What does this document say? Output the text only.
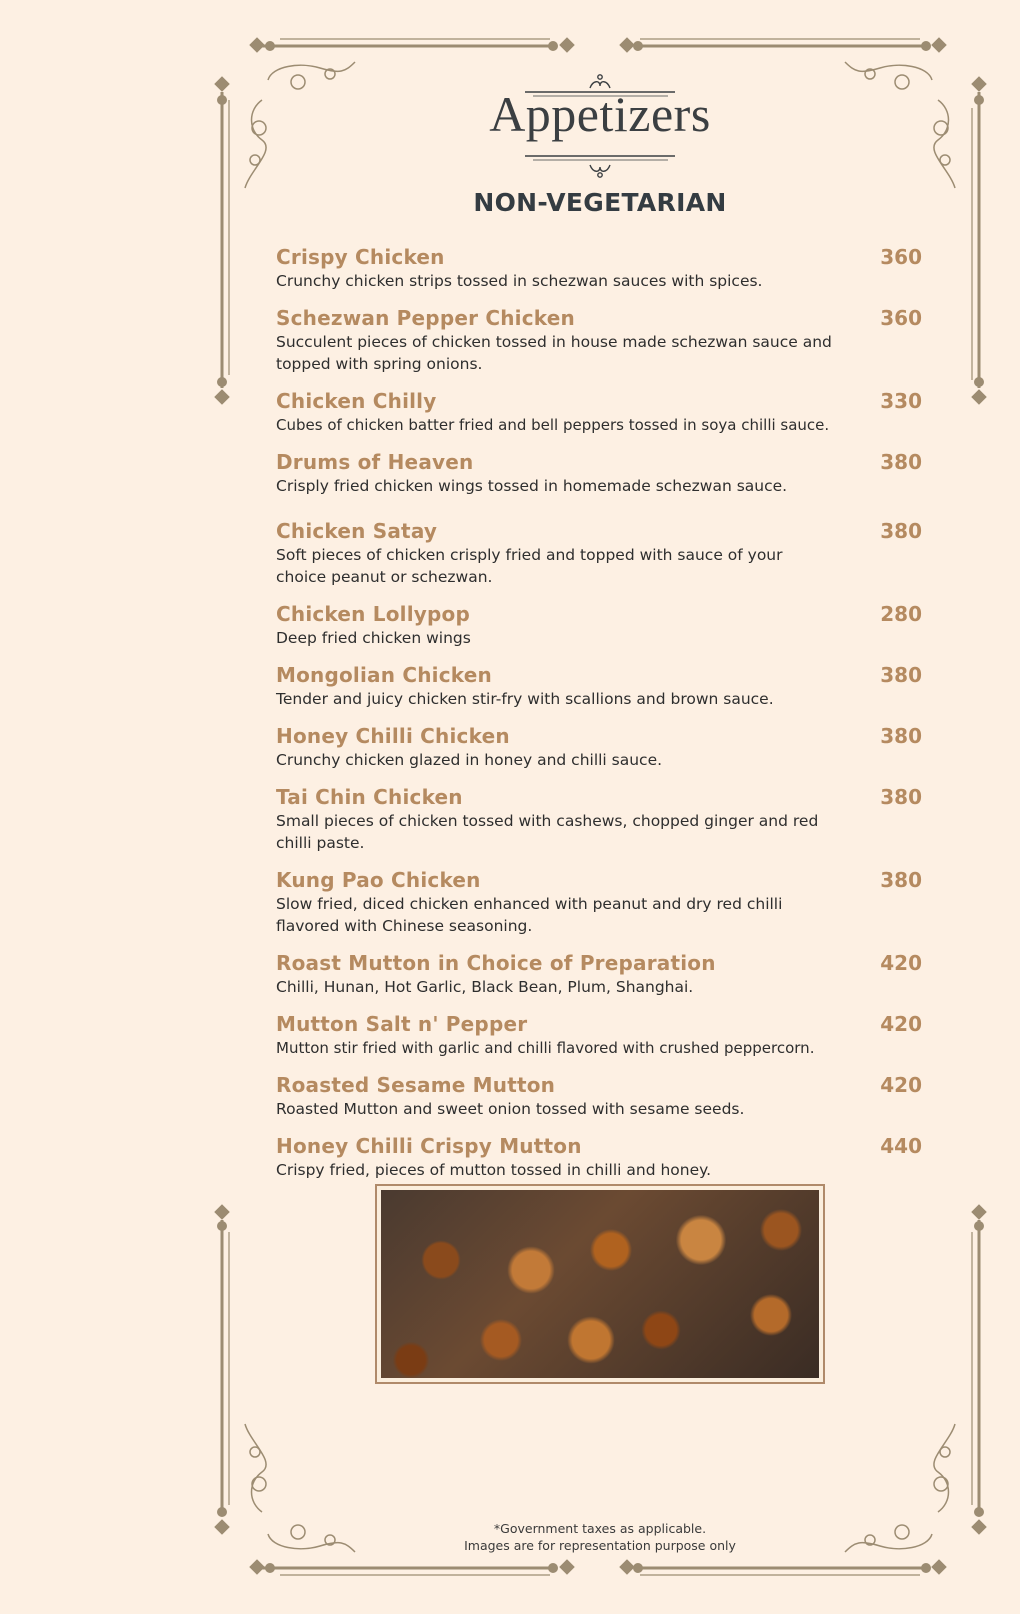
Appetizers
NON-VEGETARIAN
Crispy Chicken	360
Crunchy chicken strips tossed in schezwan sauces with spices.
Schezwan Pepper Chicken	360
Succulent pieces of chicken tossed in house made schezwan sauce and topped with spring onions.
Chicken Chilly	330
Cubes of chicken batter fried and bell peppers tossed in soya chilli sauce.
Drums of Heaven	380
Crisply fried chicken wings tossed in homemade schezwan sauce.
Chicken Satay	380
Soft pieces of chicken crisply fried and topped with sauce of your choice peanut or schezwan.
Chicken Lollypop	280
Deep fried chicken wings
Mongolian Chicken	380
Tender and juicy chicken stir-fry with scallions and brown sauce.
Honey Chilli Chicken	380
Crunchy chicken glazed in honey and chilli sauce.
Tai Chin Chicken	380
Small pieces of chicken tossed with cashews, chopped ginger and red chilli paste.
Kung Pao Chicken	380
Slow fried, diced chicken enhanced with peanut and dry red chilli flavored with Chinese seasoning.
Roast Mutton in Choice of Preparation	420
Chilli, Hunan, Hot Garlic, Black Bean, Plum, Shanghai.
Mutton Salt n' Pepper	420
Mutton stir fried with garlic and chilli flavored with crushed peppercorn.
Roasted Sesame Mutton	420
Roasted Mutton and sweet onion tossed with sesame seeds.
Honey Chilli Crispy Mutton	440
Crispy fried, pieces of mutton tossed in chilli and honey.
*Government taxes as applicable.
Images are for representation purpose only
